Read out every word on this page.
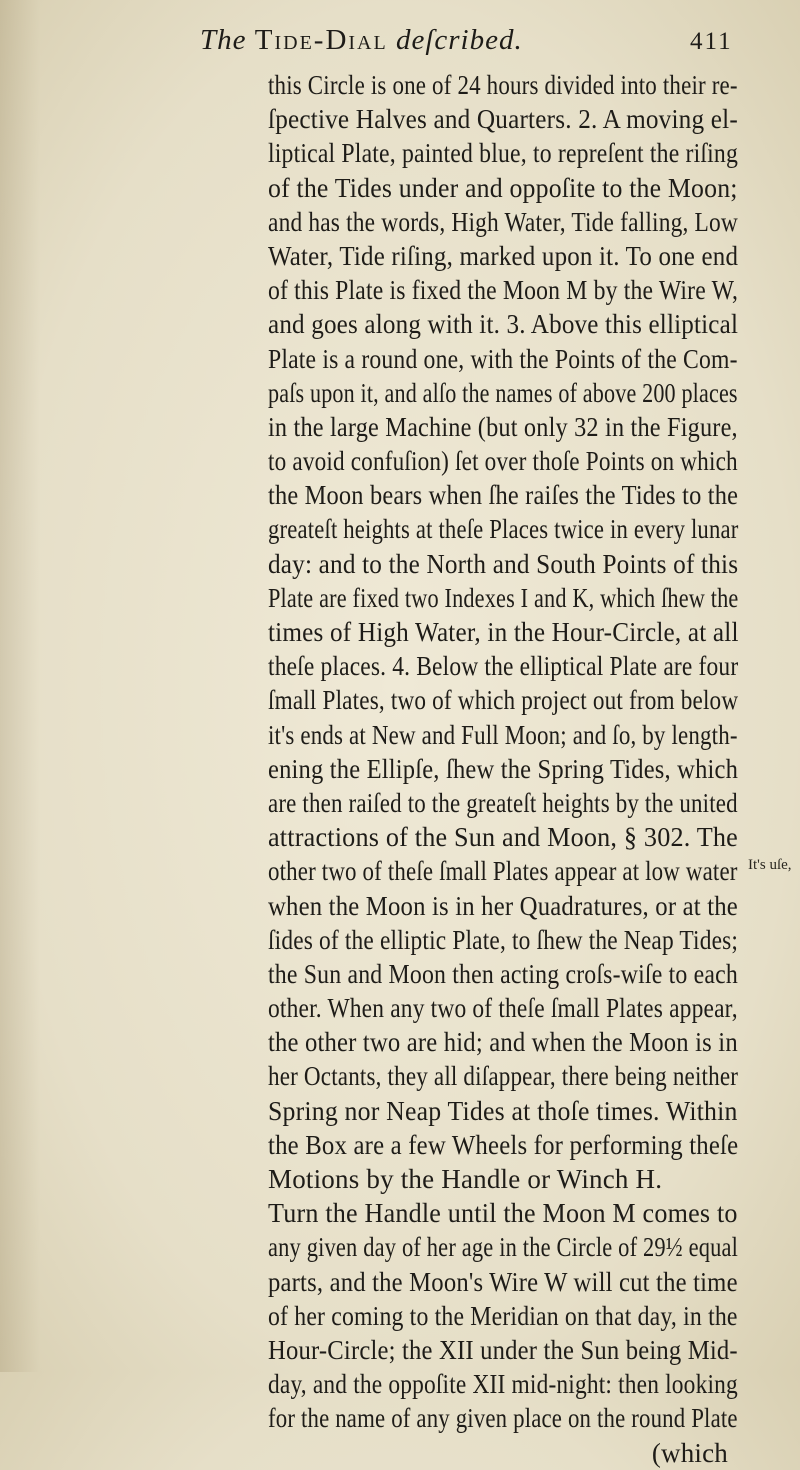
The Tide-Dial deſcribed.	411
this Circle is one of 24 hours divided into their re-
ſpective Halves and Quarters. 2. A moving el-
liptical Plate, painted blue, to repreſent the riſing
of the Tides under and oppoſite to the Moon;
and has the words, High Water, Tide falling, Low
Water, Tide riſing, marked upon it. To one end
of this Plate is fixed the Moon M by the Wire W,
and goes along with it. 3. Above this elliptical
Plate is a round one, with the Points of the Com-
paſs upon it, and alſo the names of above 200 places
in the large Machine (but only 32 in the Figure,
to avoid confuſion) ſet over thoſe Points on which
the Moon bears when ſhe raiſes the Tides to the
greateſt heights at theſe Places twice in every lunar
day: and to the North and South Points of this
Plate are fixed two Indexes I and K, which ſhew the
times of High Water, in the Hour-Circle, at all
theſe places. 4. Below the elliptical Plate are four
ſmall Plates, two of which project out from below
it's ends at New and Full Moon; and ſo, by length-
ening the Ellipſe, ſhew the Spring Tides, which
are then raiſed to the greateſt heights by the united
attractions of the Sun and Moon, § 302. The
other two of theſe ſmall Plates appear at low water
when the Moon is in her Quadratures, or at the
ſides of the elliptic Plate, to ſhew the Neap Tides;
the Sun and Moon then acting croſs-wiſe to each
other. When any two of theſe ſmall Plates appear,
the other two are hid; and when the Moon is in
her Octants, they all diſappear, there being neither
Spring nor Neap Tides at thoſe times. Within
the Box are a few Wheels for performing theſe
Motions by the Handle or Winch H.
Turn the Handle until the Moon M comes to
any given day of her age in the Circle of 29½ equal
parts, and the Moon's Wire W will cut the time
of her coming to the Meridian on that day, in the
Hour-Circle; the XII under the Sun being Mid-
day, and the oppoſite XII mid-night: then looking
for the name of any given place on the round Plate
(which
It's uſe,
